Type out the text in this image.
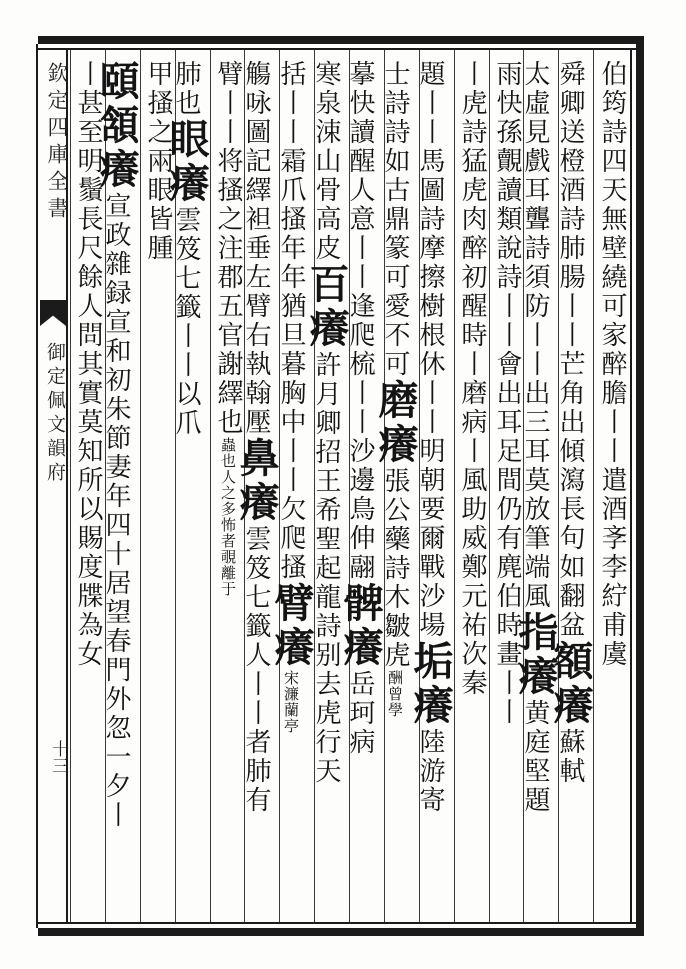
欽定四庫全書
御定佩文韻府
十三
伯筠詩四天無壁繞可家醉膽丨丨遣酒斈李紵甫虞
舜卿送橙酒詩肺腸丨丨芒角出傾瀉長句如翻盆額癢蘇軾
太虛見戲耳聾詩須防丨丨出三耳莫放筆端風指癢黄庭堅題
雨快孫覿讀類說詩丨丨會出耳足間仍有麂伯時畫丨丨
丨虎詩猛虎肉醉初醒時丨磨病丨風助威鄭元祐次秦
題丨丨馬圖詩摩擦樹根休丨丨明朝要爾戰沙場垢癢陸游寄
士詩詩如古鼎篆可愛不可磨癢張公藥詩木皺虎酬曾學
摹快讀醒人意丨丨逢爬梳丨丨沙邊鳥伸翮髀癢岳珂病
寒泉涑山骨高皮百癢許月卿招王希聖起龍詩别去虎行天
括丨丨霜爪搔年年猶旦暮胸中丨丨欠爬搔臂癢宋濂蘭亭
觴咏圖記繹袒垂左臂右執翰壓鼻癢雲笈七籤人丨丨者肺有
臂丨丨将搔之注郡五官謝繹也蟲也人之多怖者覗離于
肺也眼癢雲笈七籤丨丨以爪
甲搔之兩眼皆腫
頤頷癢宣政雜録宣和初朱節妻年四十居望春門外忽一夕丨
丨甚至明鬚長尺餘人問其實莫知所以賜度牒為女
